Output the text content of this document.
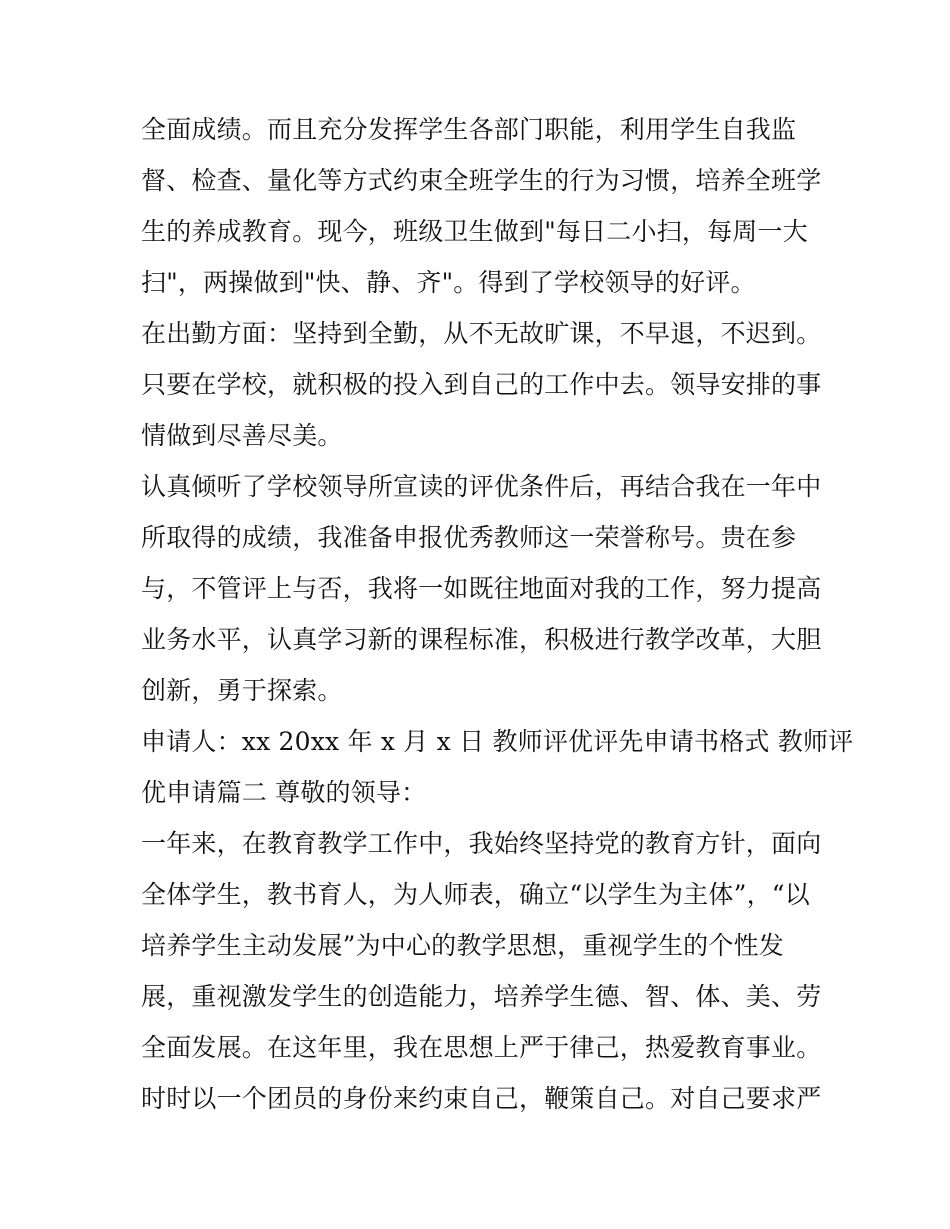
全面成绩。而且充分发挥学生各部门职能，利用学生自我监
督、检查、量化等方式约束全班学生的行为习惯，培养全班学
生的养成教育。现今，班级卫生做到"每日二小扫，每周一大
扫"，两操做到"快、静、齐"。得到了学校领导的好评。
在出勤方面：坚持到全勤，从不无故旷课，不早退，不迟到。
只要在学校，就积极的投入到自己的工作中去。领导安排的事
情做到尽善尽美。
认真倾听了学校领导所宣读的评优条件后，再结合我在一年中
所取得的成绩，我准备申报优秀教师这一荣誉称号。贵在参
与，不管评上与否，我将一如既往地面对我的工作，努力提高
业务水平，认真学习新的课程标准，积极进行教学改革，大胆
创新，勇于探索。
申请人：xx 20xx 年 x 月 x 日 教师评优评先申请书格式 教师评
优申请篇二 尊敬的领导：
一年来，在教育教学工作中，我始终坚持党的教育方针，面向
全体学生，教书育人，为人师表，确立“以学生为主体”，“以
培养学生主动发展”为中心的教学思想，重视学生的个性发
展，重视激发学生的创造能力，培养学生德、智、体、美、劳
全面发展。在这年里，我在思想上严于律己，热爱教育事业。
时时以一个团员的身份来约束自己，鞭策自己。对自己要求严
